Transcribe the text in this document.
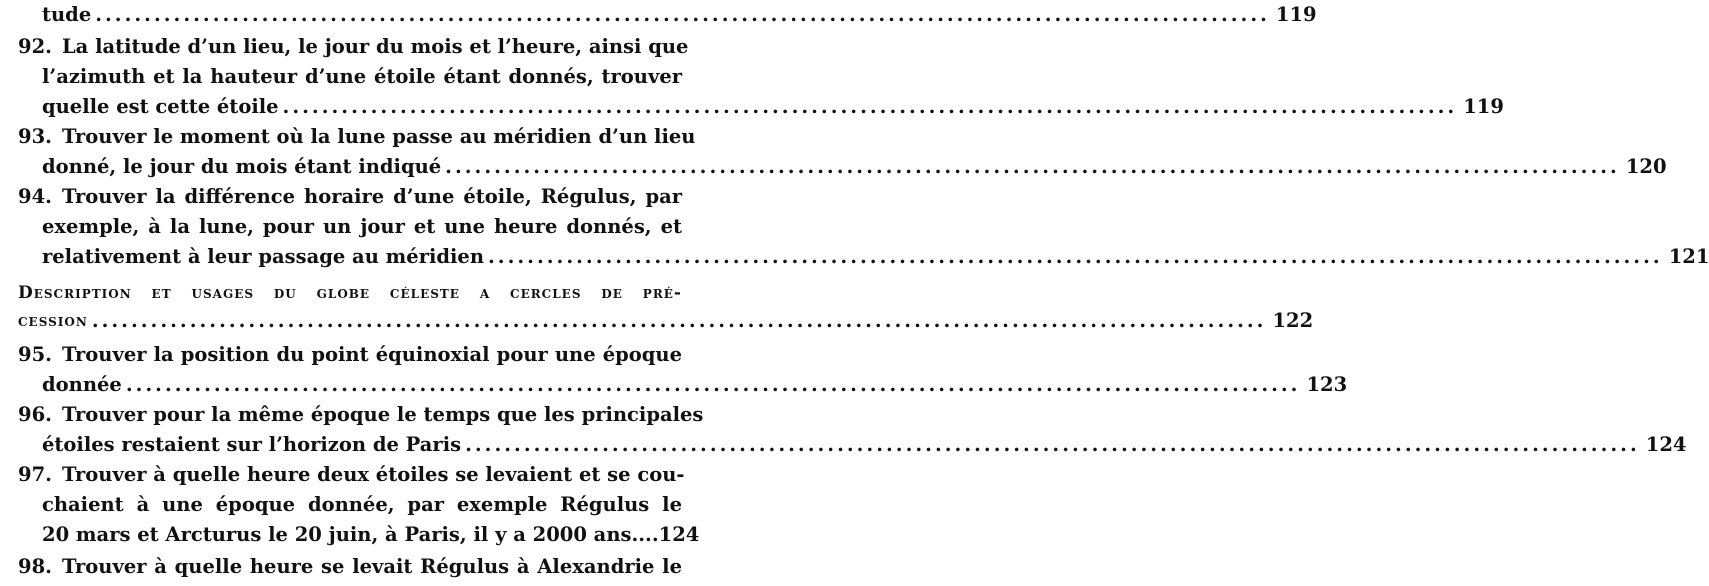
tude ........................................................................................................................ 119
92. La latitude d’un lieu, le jour du mois et l’heure, ainsi que
l’azimuth et la hauteur d’une étoile étant donnés, trouver
quelle est cette étoile ........................................................................................................................ 119
93. Trouver le moment où la lune passe au méridien d’un lieu
donné, le jour du mois étant indiqué ........................................................................................................................ 120
94. Trouver la différence horaire d’une étoile, Régulus, par
exemple, à la lune, pour un jour et une heure donnés, et
relativement à leur passage au méridien ........................................................................................................................ 121
Description et usages du globe céleste a cercles de pré-
cession ........................................................................................................................ 122
95. Trouver la position du point équinoxial pour une époque
donnée ........................................................................................................................ 123
96. Trouver pour la même époque le temps que les principales
étoiles restaient sur l’horizon de Paris ........................................................................................................................ 124
97. Trouver à quelle heure deux étoiles se levaient et se cou-
chaient à une époque donnée, par exemple Régulus le
20 mars et Arcturus le 20 juin, à Paris, il y a 2000 ans.... 124
98. Trouver à quelle heure se levait Régulus à Alexandrie le
